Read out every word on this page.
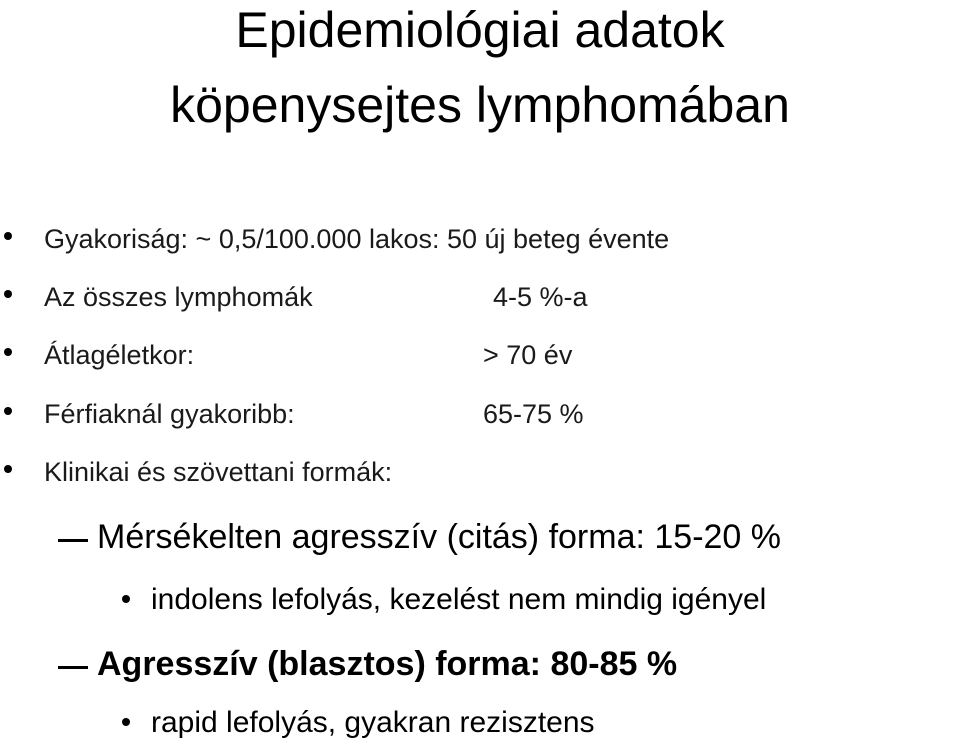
Epidemiológiai adatok
köpenysejtes lymphomában
Gyakoriság: ~ 0,5/100.000 lakos: 50 új beteg évente
Az összes lymphomák	4-5 %-a
Átlagéletkor:	> 70 év
Férfiaknál gyakoribb:	65-75 %
Klinikai és szövettani formák:
Mérsékelten agresszív (citás) forma: 15-20 %
indolens lefolyás, kezelést nem mindig igényel
Agresszív (blasztos) forma: 80-85 %
rapid lefolyás, gyakran rezisztens
